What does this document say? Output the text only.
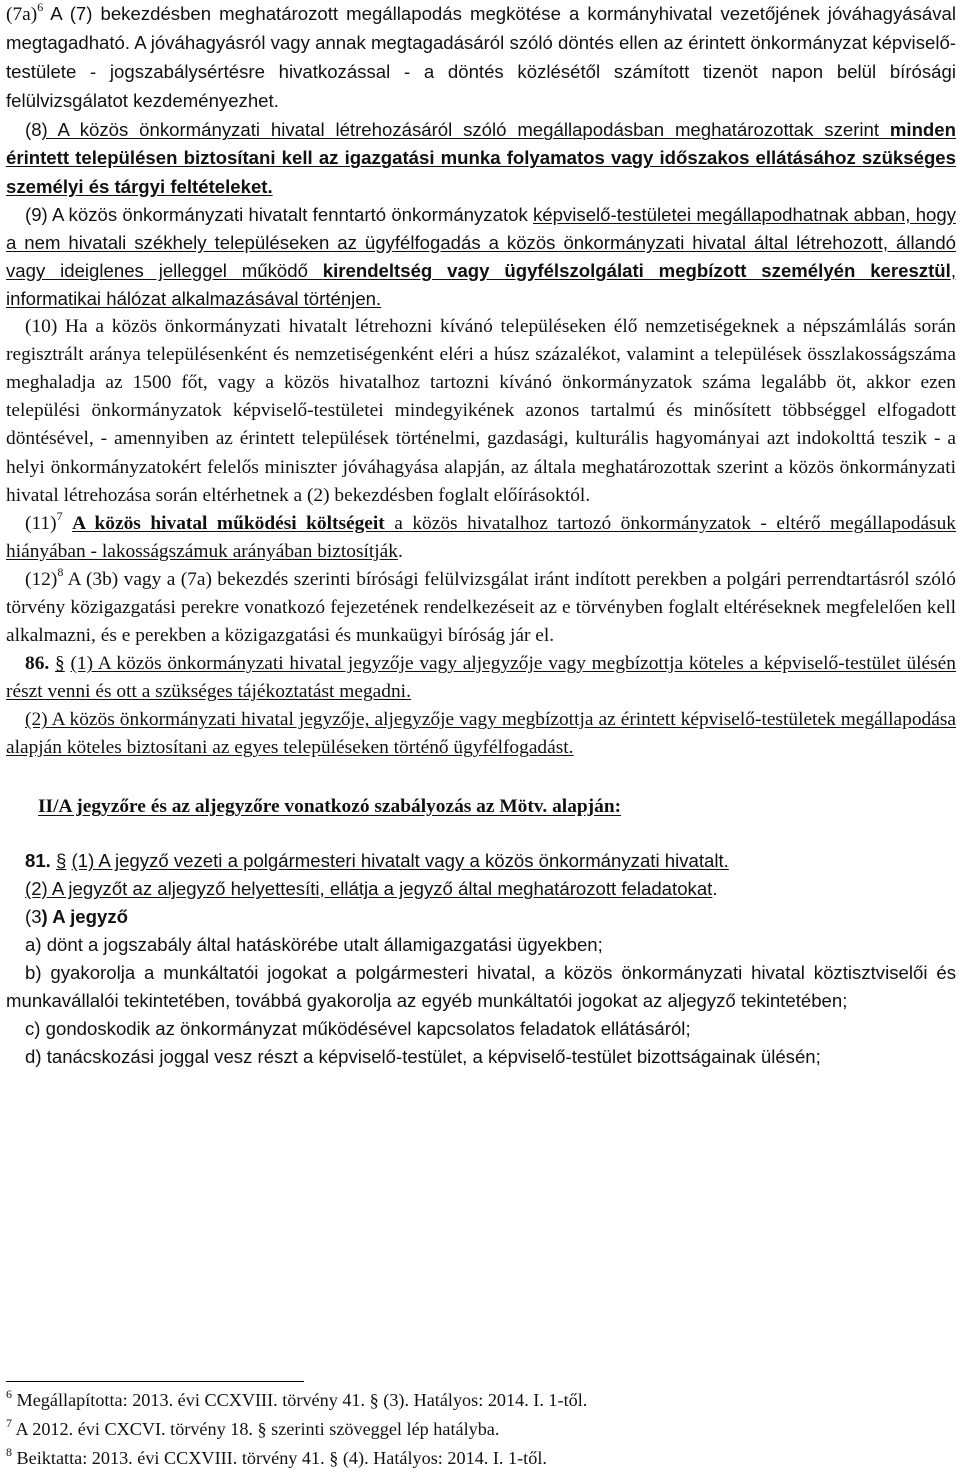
$(7a)^6$ A (7) bekezdésben meghatározott megállapodás megkötése a kormányhivatal vezetőjének jóváhagyásával megtagadható. A jóváhagyásról vagy annak megtagadásáról szóló döntés ellen az érintett önkormányzat képviselő-testülete - jogszabálysértésre hivatkozással - a döntés közlésétől számított tizenöt napon belül bírósági felülvizsgálatot kezdeményezhet.

(8) A közös önkormányzati hivatal létrehozásáról szóló megállapodásban meghatározottak szerint minden érintett településen biztosítani kell az igazgatási munka folyamatos vagy időszakos ellátásához szükséges személyi és tárgyi feltételeket.

(9) A közös önkormányzati hivatalt fenntartó önkormányzatok képviselő-testületei megállapodhatnak abban, hogy a nem hivatali székhely településeken az ügyfélfogadás a közös önkormányzati hivatal által létrehozott, állandó vagy ideiglenes jelleggel működő kirendeltség vagy ügyfélszolgálati megbízott személyén keresztül, informatikai hálózat alkalmazásával történjen.

(10) Ha a közös önkormányzati hivatalt létrehozni kívánó településeken élő nemzetiségeknek a népszámlálás során regisztrált aránya településenként és nemzetiségenként eléri a húsz százalékot, valamint a települések összlakosságszáma meghaladja az 1500 főt, vagy a közös hivatalhoz tartozni kívánó önkormányzatok száma legalább öt, akkor ezen települési önkormányzatok képviselő-testületei mindegyikének azonos tartalmú és minősített többséggel elfogadott döntésével, - amennyiben az érintett települések történelmi, gazdasági, kulturális hagyományai azt indokolttá teszik - a helyi önkormányzatokért felelős miniszter jóváhagyása alapján, az általa meghatározottak szerint a közös önkormányzati hivatal létrehozása során eltérhetnek a (2) bekezdésben foglalt előírásoktól.

$(11)^7$ A közös hivatal működési költségeit a közös hivatalhoz tartozó önkormányzatok - eltérő megállapodásuk hiányában - lakosságszámuk arányában biztosítják.

$(12)^8$ A (3b) vagy a (7a) bekezdés szerinti bírósági felülvizsgálat iránt indított perekben a polgári perrendtartásról szóló törvény közigazgatási perekre vonatkozó fejezetének rendelkezéseit az e törvényben foglalt eltéréseknek megfelelően kell alkalmazni, és e perekben a közigazgatási és munkaügyi bíróság jár el.

86. § (1) A közös önkormányzati hivatal jegyzője vagy aljegyzője vagy megbízottja köteles a képviselő-testület ülésén részt venni és ott a szükséges tájékoztatást megadni.

(2) A közös önkormányzati hivatal jegyzője, aljegyzője vagy megbízottja az érintett képviselő-testületek megállapodása alapján köteles biztosítani az egyes településeken történő ügyfélfogadást.

II/A jegyzőre és az aljegyzőre vonatkozó szabályozás az Mötv. alapján:

81. § (1) A jegyző vezeti a polgármesteri hivatalt vagy a közös önkormányzati hivatalt.

(2) A jegyzőt az aljegyző helyettesíti, ellátja a jegyző által meghatározott feladatokat.

(3) A jegyző

a) dönt a jogszabály által hatáskörébe utalt államigazgatási ügyekben;

b) gyakorolja a munkáltatói jogokat a polgármesteri hivatal, a közös önkormányzati hivatal köztisztviselői és munkavállalói tekintetében, továbbá gyakorolja az egyéb munkáltatói jogokat az aljegyző tekintetében;

c) gondoskodik az önkormányzat működésével kapcsolatos feladatok ellátásáról;

d) tanácskozási joggal vesz részt a képviselő-testület, a képviselő-testület bizottságainak ülésén;

$^6$ Megállapította: 2013. évi CCXVIII. törvény 41. § (3). Hatályos: 2014. I. 1-től.
$^7$ A 2012. évi CXCVI. törvény 18. § szerinti szöveggel lép hatályba.
$^8$ Beiktatta: 2013. évi CCXVIII. törvény 41. § (4). Hatályos: 2014. I. 1-től.
